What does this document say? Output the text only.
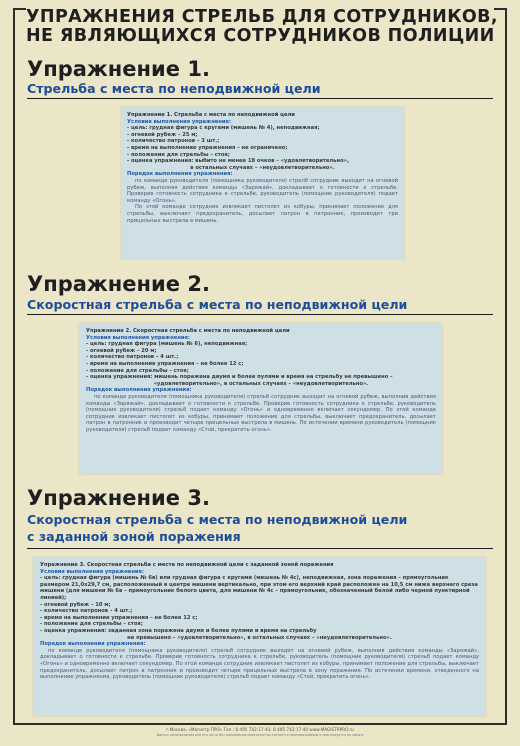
УПРАЖНЕНИЯ СТРЕЛЬБ ДЛЯ СОТРУДНИКОВ,
НЕ ЯВЛЯЮЩИХСЯ СОТРУДНИКОВ ПОЛИЦИИ
Упражнение 1.
Стрельба с места по неподвижной цели
Упражнение 1. Стрельба с места по неподвижной цели
Условия выполнения упражнения:
- цель: грудная фигура с кругами (мишень № 4), неподвижная;
- огневой рубеж – 25 м;
- количество патронов – 3 шт.;
- время на выполнение упражнения – не ограничено;
- положение для стрельбы – стоя;
- оценка упражнения: выбито не менее 18 очков – «удовлетворительно»,
в остальных случаях – «неудовлетворительно».
Порядок выполнения упражнения:
по команде руководителя (помощника руководителя) стрелб сотрудник выходит на огневой рубеж, выполняя действия команды «Заряжай», докладывает о готовности к стрельбе. Проверив готовность сотрудника к стрельбе, руководитель (помощник руководителя) подает команду «Огонь».
По этой команде сотрудник извлекает пистолет из кобуры, принимает положение для стрельбы, выключает предохранитель, досылает патрон в патронник, производит три прицельных выстрела в мишень.
Упражнение 2.
Скоростная стрельба с места по неподвижной цели
Упражнение 2. Скоростная стрельба с места по неподвижной цели
Условия выполнения упражнения:
- цель: грудная фигура (мишень № 6), неподвижная;
- огневой рубеж – 20 м;
- количество патронов – 4 шт.;
- время на выполнение упражнения – не более 12 с;
- положение для стрельбы – стоя;
- оценка упражнения: мишень поражена двумя и более пулями и время на стрельбу не превышено –
«удовлетворительно», в остальных случаях – «неудовлетворительно».
Порядок выполнения упражнения:
по команде руководителя (помощника руководителя) стрельб сотрудник выходит на огневой рубеж, выполнив действия команды «Заряжай», докладывает о готовности к стрельбе. Проверив готовность сотрудника к стрельбе, руководитель (помощник руководителя) стрельб подает команду «Огонь» и одновременно включает секундомер. По этой команде сотрудник извлекает пистолет из кобуры, принимает положение для стрельбы, выключает предохранитель, досылает патрон в патронник и производит четыре прицельных выстрела в мишень. По истечении времени руководитель (помощник руководителя) стрельб подает команду «Стой, прекратить огонь».
Упражнение 3.
Скоростная стрельба с места по неподвижной цели
с заданной зоной поражения
Упражнение 3. Скоростная стрельба с места по неподвижной цели с заданной зоной поражения
Условия выполнения упражнения:
- цель: грудная фигура (мишень № 6в) или грудная фигура с кругами (мишень № 4с), неподвижная, зона поражения – прямоугольник размером 21,0х29,7 см, расположенный в центре мишени вертикально, при этом его верхний край расположен на 10,5 см ниже верхнего среза мишени (для мишени № 6в – прямоугольник белого цвета, для мишени № 4с – прямоугольник, обозначенный белой либо черной пунктирной линией);
- огневой рубеж – 10 м;
- количество патронов – 4 шт.;
- время на выполнение упражнения – не более 12 с;
- положение для стрельбы – стоя;
- оценка упражнения: заданная зона поражена двумя и более пулями и время на стрельбу
не превышено – «удовлетворительно», в остальных случаях – «неудовлетворительно».
Порядок выполнения упражнения:
по команде руководителя (помощника руководителя) стрельб сотрудник выходит на огневой рубеж, выполнив действия команды «Заряжай», докладывает о готовности к стрельбе. Проверив готовность сотрудника к стрельбе, руководитель (помощник руководителя) стрельб подает команду «Огонь» и одновременно включает секундомер. По этой команде сотрудник извлекает пистолет из кобуры, принимает положение для стрельбы, выключает предохранитель, досылает патрон в патронник и производит четыре прицельных выстрела в зону поражения. По истечении времени, отведенного на выполнение упражнения, руководитель (помощник руководителя) стрельб подает команду «Стой, прекратить огонь».
г.Москва, «Магистр ПРО» Тел.: 8 495 742-17-43, 8 495 742-17-40 www.MAGISTRPRO.ru
Выпуск произведения или его части без разрешения издательства считается противоправным и преследуется по закону
